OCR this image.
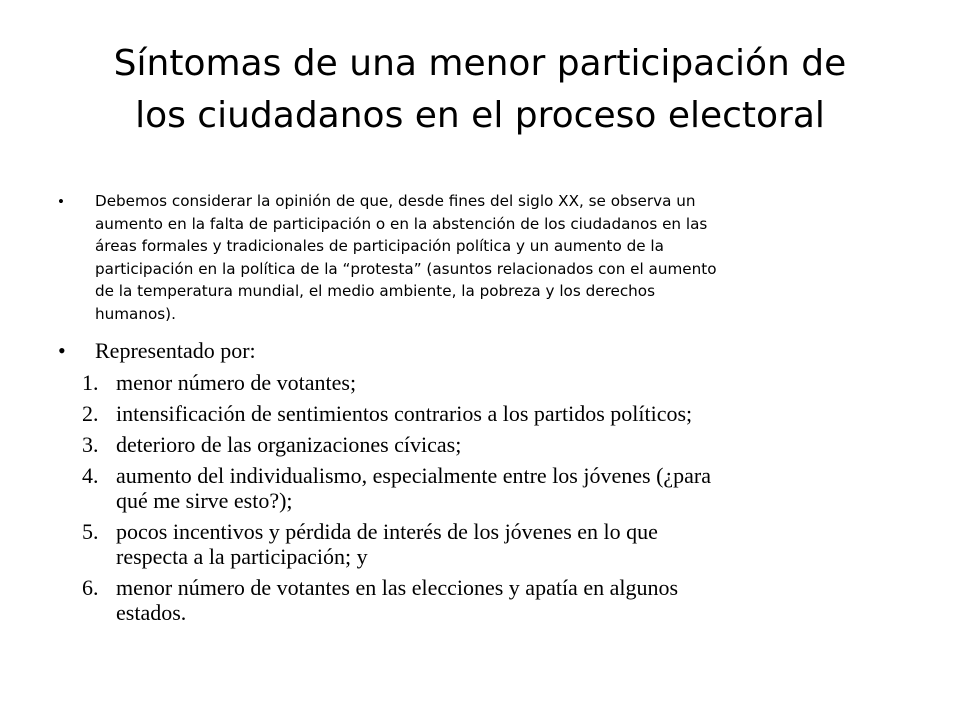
Síntomas de una menor participación de
los ciudadanos en el proceso electoral
• Debemos considerar la opinión de que, desde fines del siglo XX, se observa un
aumento en la falta de participación o en la abstención de los ciudadanos en las
áreas formales y tradicionales de participación política y un aumento de la
participación en la política de la “protesta” (asuntos relacionados con el aumento
de la temperatura mundial, el medio ambiente, la pobreza y los derechos
humanos).
• Representado por:
1. menor número de votantes;
2. intensificación de sentimientos contrarios a los partidos políticos;
3. deterioro de las organizaciones cívicas;
4. aumento del individualismo, especialmente entre los jóvenes (¿para
qué me sirve esto?);
5. pocos incentivos y pérdida de interés de los jóvenes en lo que
respecta a la participación; y
6. menor número de votantes en las elecciones y apatía en algunos
estados.
